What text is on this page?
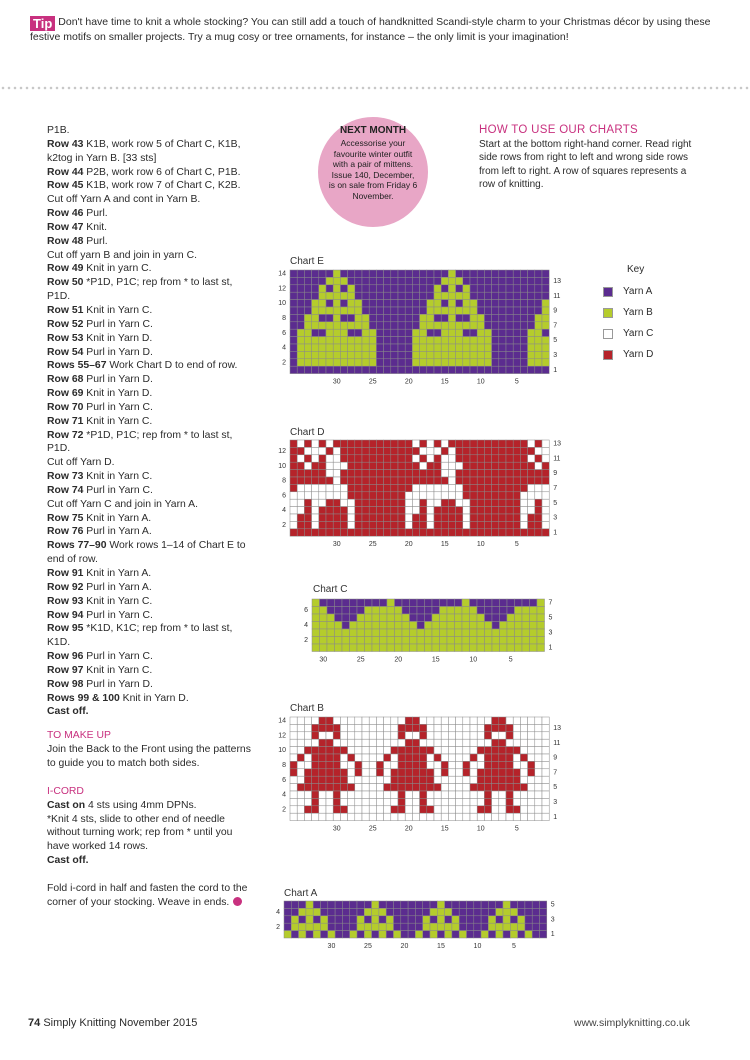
Tip Don't have time to knit a whole stocking? You can still add a touch of handknitted Scandi-style charm to your Christmas décor by using these festive motifs on smaller projects. Try a mug cosy or tree ornaments, for instance – the only limit is your imagination!
P1B.
Row 43 K1B, work row 5 of Chart C, K1B, k2tog in Yarn B. [33 sts]
Row 44 P2B, work row 6 of Chart C, P1B.
Row 45 K1B, work row 7 of Chart C, K2B.
Cut off Yarn A and cont in Yarn B.
Row 46 Purl.
Row 47 Knit.
Row 48 Purl.
Cut off yarn B and join in yarn C.
Row 49 Knit in yarn C.
Row 50 *P1D, P1C; rep from * to last st, P1D.
Row 51 Knit in Yarn C.
Row 52 Purl in Yarn C.
Row 53 Knit in Yarn D.
Row 54 Purl in Yarn D.
Rows 55–67 Work Chart D to end of row.
Row 68 Purl in Yarn D.
Row 69 Knit in Yarn D.
Row 70 Purl in Yarn C.
Row 71 Knit in Yarn C.
Row 72 *P1D, P1C; rep from * to last st, P1D.
Cut off Yarn D.
Row 73 Knit in Yarn C.
Row 74 Purl in Yarn C.
Cut off Yarn C and join in Yarn A.
Row 75 Knit in Yarn A.
Row 76 Purl in Yarn A.
Rows 77–90 Work rows 1–14 of Chart E to end of row.
Row 91 Knit in Yarn A.
Row 92 Purl in Yarn A.
Row 93 Knit in Yarn C.
Row 94 Purl in Yarn C.
Row 95 *K1D, K1C; rep from * to last st, K1D.
Row 96 Purl in Yarn C.
Row 97 Knit in Yarn C.
Row 98 Purl in Yarn D.
Rows 99 & 100 Knit in Yarn D.
Cast off.
TO MAKE UP
Join the Back to the Front using the patterns to guide you to match both sides.
I-CORD
Cast on 4 sts using 4mm DPNs.
*Knit 4 sts, slide to other end of needle without turning work; rep from * until you have worked 14 rows.
Cast off.
Fold i-cord in half and fasten the cord to the corner of your stocking. Weave in ends.
NEXT MONTH
Accessorise your favourite winter outfit with a pair of mittens. Issue 140, December, is on sale from Friday 6 November.
HOW TO USE OUR CHARTS

Start at the bottom right-hand corner. Read right side rows from right to left and wrong side rows from left to right. A row of squares represents a row of knitting.

Key
Yarn A
Yarn B
Yarn C
Yarn D
Chart E
30	25	20	15	10	5
14
12
10
8
6
4
2
13
11
9
7
5
3
1
Chart D
30	25	20	15	10	5
12
10
8
6
4
2
13
11
9
7
5
3
1
Chart C
30	25	20	15	10	5
6
4
2
7
5
3
1
Chart B
30	25	20	15	10	5
14
12
10
8
6
4
2
13
11
9
7
5
3
1
Chart A
30	25	20	15	10	5
4
2
5
3
1
74 Simply Knitting November 2015	www.simplyknitting.co.uk
